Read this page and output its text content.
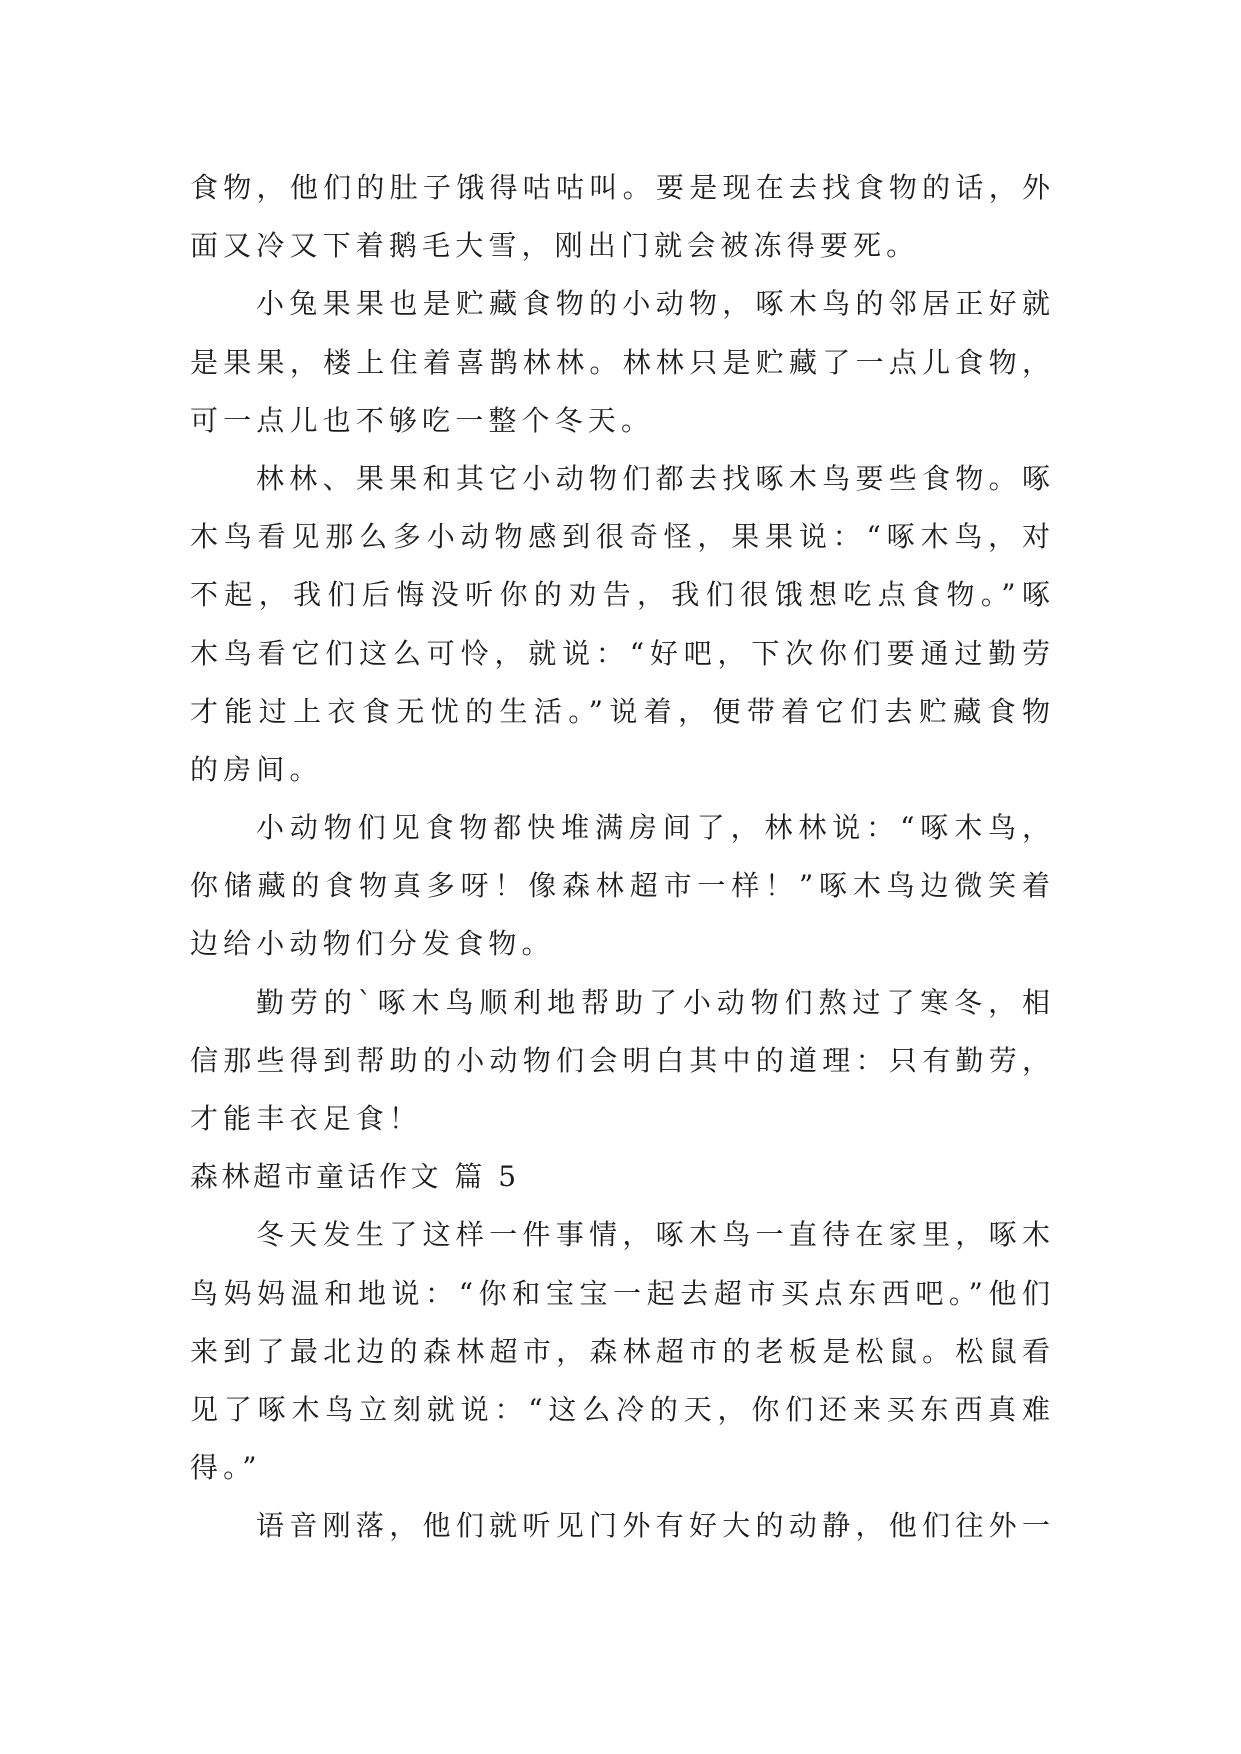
食物，他们的肚子饿得咕咕叫。要是现在去找食物的话，外
面又冷又下着鹅毛大雪，刚出门就会被冻得要死。
小兔果果也是贮藏食物的小动物，啄木鸟的邻居正好就
是果果，楼上住着喜鹊林林。林林只是贮藏了一点儿食物，
可一点儿也不够吃一整个冬天。
林林、果果和其它小动物们都去找啄木鸟要些食物。啄
木鸟看见那么多小动物感到很奇怪，果果说：“啄木鸟，对
不起，我们后悔没听你的劝告，我们很饿想吃点食物。”啄
木鸟看它们这么可怜，就说：“好吧，下次你们要通过勤劳
才能过上衣食无忧的生活。”说着，便带着它们去贮藏食物
的房间。
小动物们见食物都快堆满房间了，林林说：“啄木鸟，
你储藏的食物真多呀！像森林超市一样！”啄木鸟边微笑着
边给小动物们分发食物。
勤劳的`啄木鸟顺利地帮助了小动物们熬过了寒冬，相
信那些得到帮助的小动物们会明白其中的道理：只有勤劳，
才能丰衣足食！
森林超市童话作文 篇 5
冬天发生了这样一件事情，啄木鸟一直待在家里，啄木
鸟妈妈温和地说：“你和宝宝一起去超市买点东西吧。”他们
来到了最北边的森林超市，森林超市的老板是松鼠。松鼠看
见了啄木鸟立刻就说：“这么冷的天，你们还来买东西真难
得。”
语音刚落，他们就听见门外有好大的动静，他们往外一
